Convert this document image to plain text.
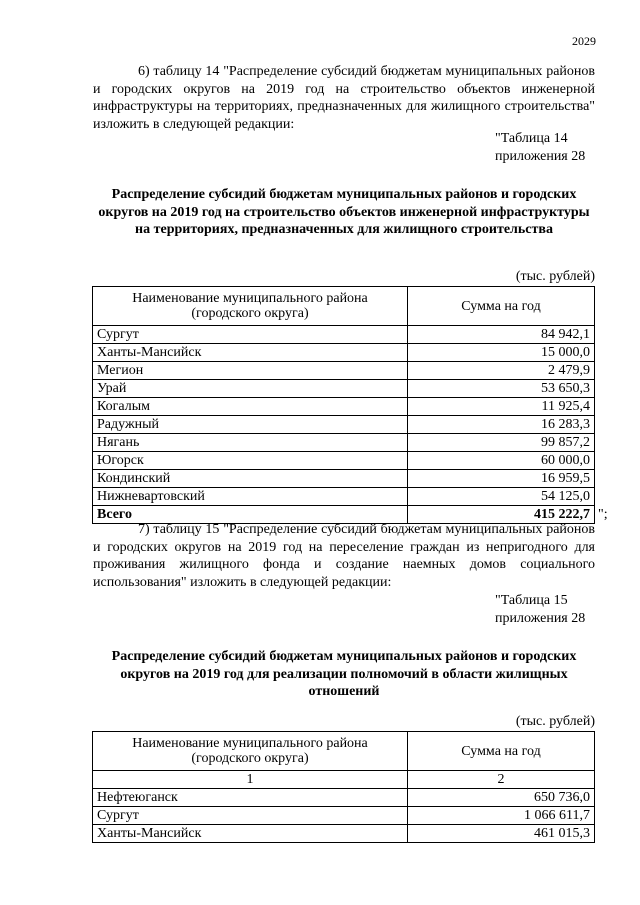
2029

6) таблицу 14 "Распределение субсидий бюджетам муниципальных районов и городских округов на 2019 год на строительство объектов инженерной инфраструктуры на территориях, предназначенных для жилищного строительства" изложить в следующей редакции:

"Таблица 14
приложения 28

Распределение субсидий бюджетам муниципальных районов и городских округов на 2019 год на строительство объектов инженерной инфраструктуры на территориях, предназначенных для жилищного строительства

(тыс. рублей)
Наименование муниципального района (городского округа)	Сумма на год
Сургут	84 942,1
Ханты-Мансийск	15 000,0
Мегион	2 479,9
Урай	53 650,3
Когалым	11 925,4
Радужный	16 283,3
Нягань	99 857,2
Югорск	60 000,0
Кондинский	16 959,5
Нижневартовский	54 125,0
Всего	415 222,7 ";

7) таблицу 15 "Распределение субсидий бюджетам муниципальных районов и городских округов на 2019 год на переселение граждан из непригодного для проживания жилищного фонда и создание наемных домов социального использования" изложить в следующей редакции:

"Таблица 15
приложения 28

Распределение субсидий бюджетам муниципальных районов и городских округов на 2019 год для реализации полномочий в области жилищных отношений

(тыс. рублей)
Наименование муниципального района (городского округа)	Сумма на год
1	2
Нефтеюганск	650 736,0
Сургут	1 066 611,7
Ханты-Мансийск	461 015,3
